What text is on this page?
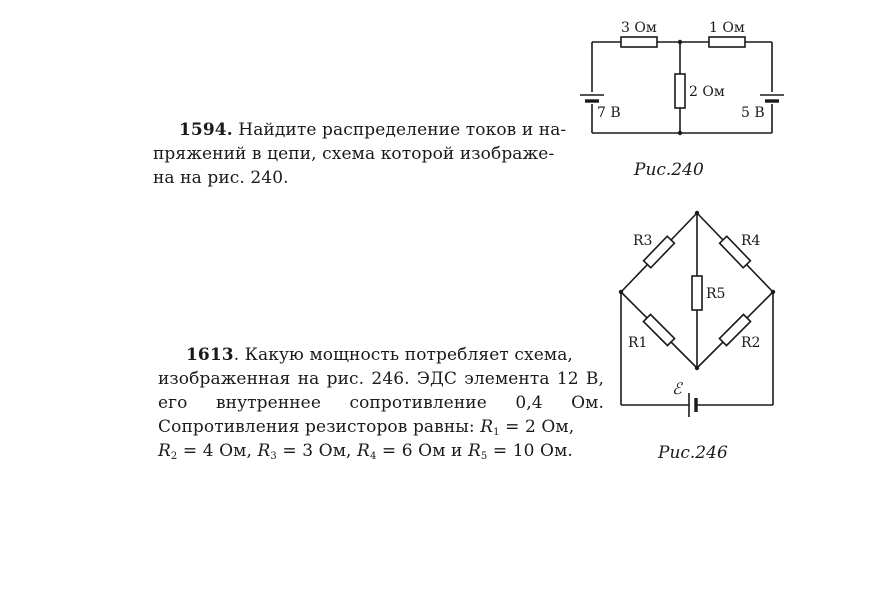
1594. Найдите распределение токов и на-
пряжений в цепи, схема которой изображе-
на на рис. 240.
1613. Какую мощность потребляет схема,
изображенная на рис. 246. ЭДС элемента 12 В,
его внутреннее сопротивление 0,4 Ом.
Сопротивления резисторов равны: $R_1 = 2$ Ом,
$R_2 = 4$ Ом, $R_3 = 3$ Ом, $R_4 = 6$ Ом и $R_5 = 10$ Ом.
3 Ом	1 Ом
2 Ом
7 В	5 В
Рис.240
R3	R4
R5
R1	R2
ℰ
Рис.246
